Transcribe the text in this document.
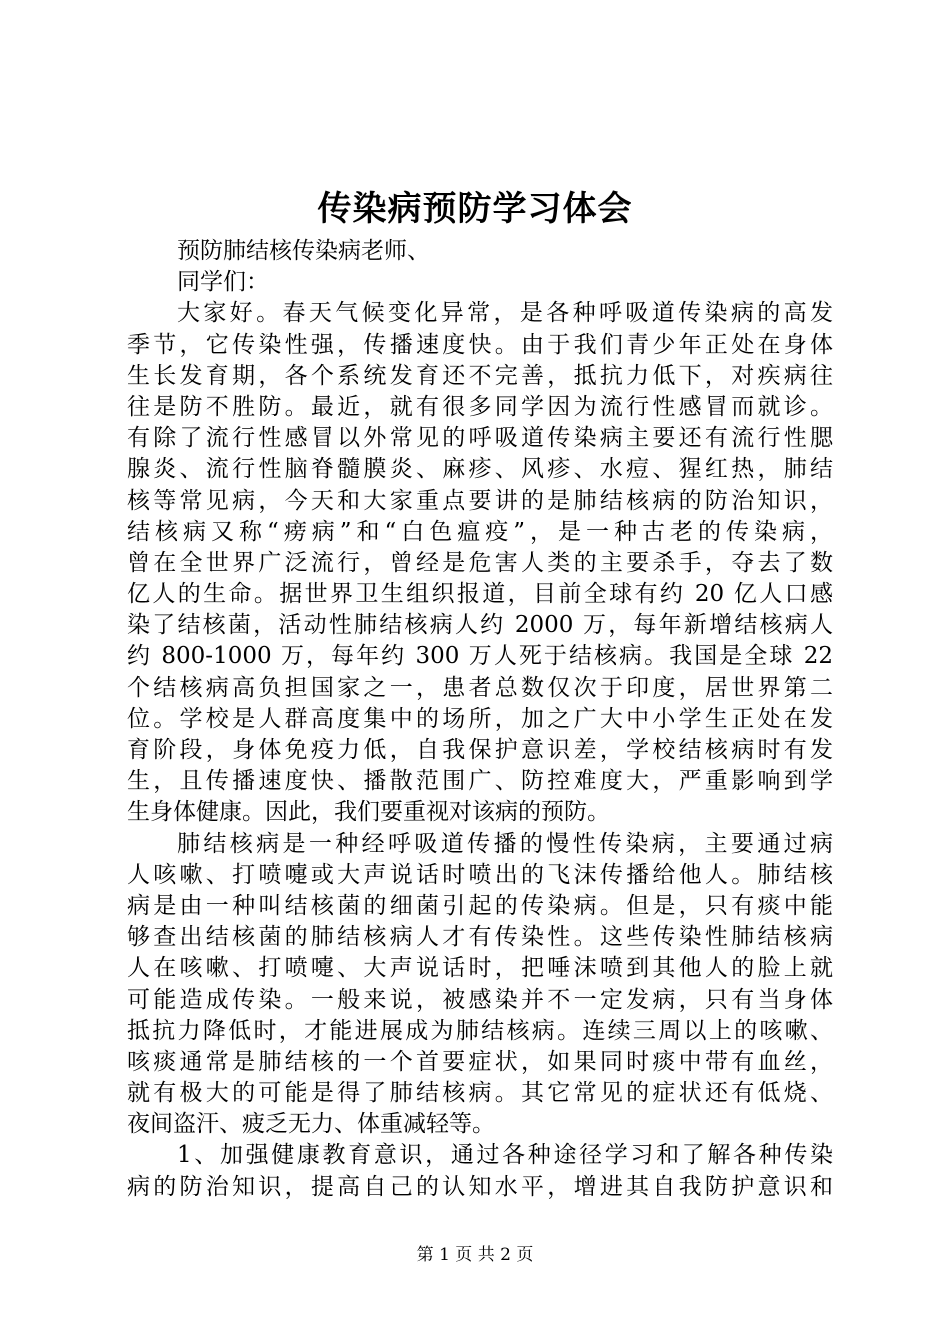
传染病预防学习体会
预防肺结核传染病老师、
同学们：
大家好。春天气候变化异常，是各种呼吸道传染病的高发
季节，它传染性强，传播速度快。由于我们青少年正处在身体
生长发育期，各个系统发育还不完善，抵抗力低下，对疾病往
往是防不胜防。最近，就有很多同学因为流行性感冒而就诊。
有除了流行性感冒以外常见的呼吸道传染病主要还有流行性腮
腺炎、流行性脑脊髓膜炎、麻疹、风疹、水痘、猩红热，肺结
核等常见病，今天和大家重点要讲的是肺结核病的防治知识，
结核病又称“痨病”和“白色瘟疫”，是一种古老的传染病，
曾在全世界广泛流行，曾经是危害人类的主要杀手，夺去了数
亿人的生命。据世界卫生组织报道，目前全球有约 20 亿人口感
染了结核菌，活动性肺结核病人约 2000 万，每年新增结核病人
约 800-1000 万，每年约 300 万人死于结核病。我国是全球 22
个结核病高负担国家之一，患者总数仅次于印度，居世界第二
位。学校是人群高度集中的场所，加之广大中小学生正处在发
育阶段，身体免疫力低，自我保护意识差，学校结核病时有发
生，且传播速度快、播散范围广、防控难度大，严重影响到学
生身体健康。因此，我们要重视对该病的预防。
肺结核病是一种经呼吸道传播的慢性传染病，主要通过病
人咳嗽、打喷嚏或大声说话时喷出的飞沫传播给他人。肺结核
病是由一种叫结核菌的细菌引起的传染病。但是，只有痰中能
够查出结核菌的肺结核病人才有传染性。这些传染性肺结核病
人在咳嗽、打喷嚏、大声说话时，把唾沫喷到其他人的脸上就
可能造成传染。一般来说，被感染并不一定发病，只有当身体
抵抗力降低时，才能进展成为肺结核病。连续三周以上的咳嗽、
咳痰通常是肺结核的一个首要症状，如果同时痰中带有血丝，
就有极大的可能是得了肺结核病。其它常见的症状还有低烧、
夜间盗汗、疲乏无力、体重减轻等。
1、加强健康教育意识，通过各种途径学习和了解各种传染
病的防治知识，提高自己的认知水平，增进其自我防护意识和
第 1 页 共 2 页
